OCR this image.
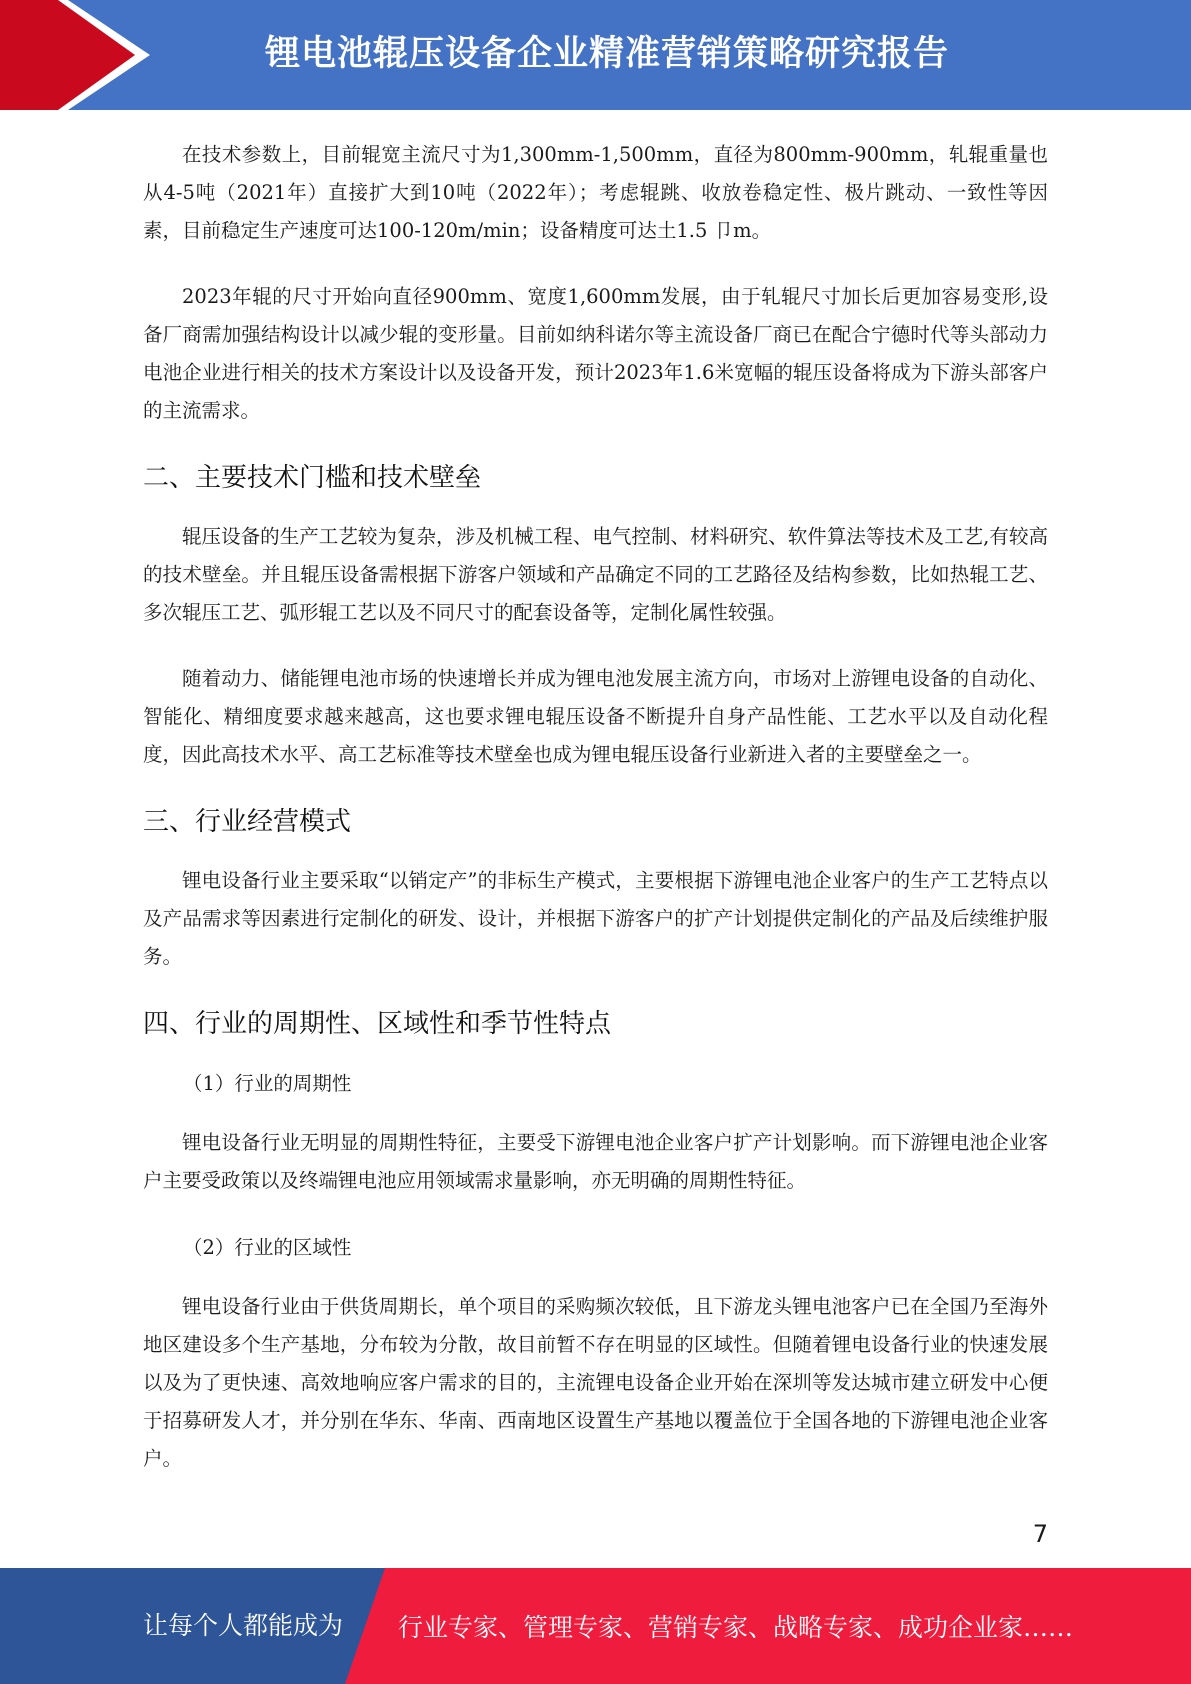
锂电池辊压设备企业精准营销策略研究报告

在技术参数上，目前辊宽主流尺寸为1,300mm-1,500mm，直径为800mm-900mm，轧辊重量也从4-5吨（2021年）直接扩大到10吨（2022年）；考虑辊跳、收放卷稳定性、极片跳动、一致性等因素，目前稳定生产速度可达100-120m/min；设备精度可达土1.5 卩m。

2023年辊的尺寸开始向直径900mm、宽度1,600mm发展，由于轧辊尺寸加长后更加容易变形,设备厂商需加强结构设计以减少辊的变形量。目前如纳科诺尔等主流设备厂商已在配合宁德时代等头部动力电池企业进行相关的技术方案设计以及设备开发，预计2023年1.6米宽幅的辊压设备将成为下游头部客户的主流需求。

二、主要技术门槛和技术壁垒

辊压设备的生产工艺较为复杂，涉及机械工程、电气控制、材料研究、软件算法等技术及工艺,有较高的技术壁垒。并且辊压设备需根据下游客户领域和产品确定不同的工艺路径及结构参数，比如热辊工艺、多次辊压工艺、弧形辊工艺以及不同尺寸的配套设备等，定制化属性较强。

随着动力、储能锂电池市场的快速增长并成为锂电池发展主流方向，市场对上游锂电设备的自动化、智能化、精细度要求越来越高，这也要求锂电辊压设备不断提升自身产品性能、工艺水平以及自动化程度，因此高技术水平、高工艺标准等技术壁垒也成为锂电辊压设备行业新进入者的主要壁垒之一。

三、行业经营模式

锂电设备行业主要采取“以销定产”的非标生产模式，主要根据下游锂电池企业客户的生产工艺特点以及产品需求等因素进行定制化的研发、设计，并根据下游客户的扩产计划提供定制化的产品及后续维护服务。

四、行业的周期性、区域性和季节性特点
（1）行业的周期性

锂电设备行业无明显的周期性特征，主要受下游锂电池企业客户扩产计划影响。而下游锂电池企业客户主要受政策以及终端锂电池应用领域需求量影响，亦无明确的周期性特征。

（2）行业的区域性

锂电设备行业由于供货周期长，单个项目的采购频次较低，且下游龙头锂电池客户已在全国乃至海外地区建设多个生产基地，分布较为分散，故目前暂不存在明显的区域性。但随着锂电设备行业的快速发展以及为了更快速、高效地响应客户需求的目的，主流锂电设备企业开始在深圳等发达城市建立研发中心便于招募研发人才，并分别在华东、华南、西南地区设置生产基地以覆盖位于全国各地的下游锂电池企业客户。

7
让每个人都能成为 行业专家、管理专家、营销专家、战略专家、成功企业家……
